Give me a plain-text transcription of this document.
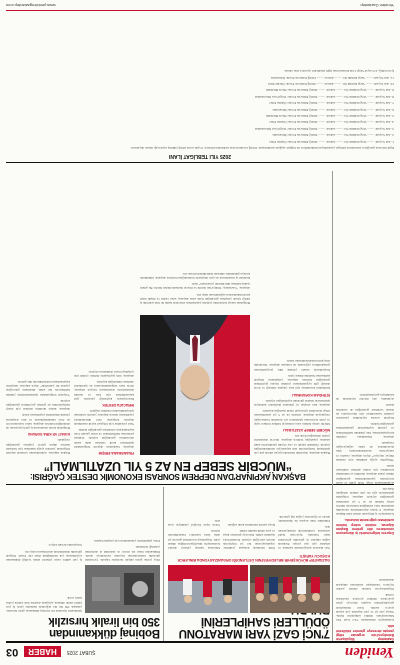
Yeniden
ŞUBAT 2025
HABER
03
7'NCİ GAZİ YARI MARATONU
ÖDÜLLERİ SAHİPLERİNİ
Bobinaj dükkanından
350 bin liralık hırsızlık

Gaziantep Büyükşehir Belediyesi'nin organize ettiği yarışta dereceye girenler ödüllerini aldı.

Gaziantep'te düzenlenen 7'nci Gazi Yarı Maratonu'nda ödüller sahiplerini buldu. Yarışa yurt içi ve yurt dışından çok sayıda sporcu katıldı. Kent merkezinde gerçekleştirilen koşuda dereceye giren sporculara ödülleri protokol tarafından verildi.

Organizasyona katılan atletler parkur boyunca vatandaşlar tarafından alkışlarla desteklendi.

GAZİANTEP BÜYÜKŞEHİR BELEDİYESİ'NİN ÜSTLENDİĞİ ORGANİZASYONDA BİNLERCE KOŞUCU YARIŞTI

Yarı maraton kategorisinde kadınlar ve erkekler ayrı ayrı yarıştı. Parkurda sağlık ekipleri ve güvenlik görevlileri hazır bulundu. Sporcular hedef noktasına vardıklarında madalyalarını aldı.

Etkinlikte halk koşusu da düzenlendi; aileler ve öğrenciler yoğun ilgi gösterdi.

Ödül töreninde konuşan yetkililer, organizasyonun her yıl büyüyerek devam edeceğini söyledi. Katılımcılara teşekkür edildi. Dereceye girenlere kupa ve para ödülü takdim edildi.

Koşu, kentin tanıtımına katkı sağladı.

Maratona katılan yabancı atletler Gaziantep'in misafirperverliğine dikkat çekti. Organizasyon komitesi gelecek yıl daha fazla katılımcı beklediklerini belirtti.

Tören toplu fotoğraf çekimiyle sona erdi.

Şehitkamil ilçesinde bir bobinaj dükkanına giren hırsızlar, yaklaşık 350 bin lira değerinde malzeme çaldı. İş yeri sahibi sabah dükkanı açtığında durumu fark ederek polise haber verdi.

Olay yerine gelen ekipler inceleme başlattı. Çevredeki güvenlik kameralarının kayıtları incelemeye alındı. Dükkandan bakır tel, motor ve elektrikli el aletlerinin çalındığı belirlendi.

Polis, şüphelilerin yakalanması için çalışma başlattı.

İş yeri sahibi, uzun yıllardır emek verdiği dükkanının soyulmasına çok üzüldüğünü ifade etti. Esnaf, bölgede güvenlik önlemlerinin artırılmasını talep etti.

Soruşturma devam ediyor.

Deprem bölgesindeki iş dünyasının sorunlarını dile getiren Başkan Akpınar, mücbir sebep halinin uzatılması çağrısında bulundu.

Gaziantep'te iş dünyasını temsil eden Başkan Akpınar, 6 Şubat depremlerinin ekonomik etkilerinin hala sürdüğünü belirterek mücbir sebep halinin en az 5 yıl uzatılması gerektiğini söyledi. Akpınar, bölgedeki işletmelerin ağır bir yük altında olduğunu ifade etti.

Açıklamasında vergi, SGK primi ve kredi borçlarının yapılandırılması gerektiğine dikkat çeken Akpınar, üretimin ve istihdamın korunması için somut adımlar atılmasını istedi.

“Bölgemiz ayağa kalkmak için zamana ihtiyaç duyuyor” diyen Akpınar, esnafın ve sanayicinin desteklenmesinin ülke ekonomisine de katkı sağlayacağını vurguladı.

Akpınar, finansmana erişimin kolaylaştırılması, faiz yükünün hafifletilmesi ve yatırım teşviklerinin genişletilmesi gerektiğini belirtti.

Deprem sonrası kaybedilen pazarların yeniden kazanılması için ihracatçılara ek destek verilmesi gerektiğini de sözlerine ekledi.

Açıklama, oda meclisi üyelerinin de katılımıyla gerçekleştirildi.

BAŞKAN AKPINAR'DAN DEPREM SONRASI EKONOMİK DESTEK ÇAĞRISI:
“MÜCBİR SEBEP EN AZ 5 YIL UZATILMALI”

Başkan Akpınar, depremin üzerinden geçen sürede pek çok işletmenin faaliyetlerini tam kapasiteyle sürdüremediğini söyledi. Özellikle küçük ve orta ölçekli işletmelerin nakit sıkıntısı yaşadığını belirten Akpınar, mevcut desteklerin yeterli olmadığını ifade etti.

MÜCBİR SEBEP UZATILMALI

Mücbir sebep halinin sona ermesiyle birlikte biriken vergi ve prim borçlarının işletmeleri zor durumda bırakacağını vurgulayan Akpınar, sürenin en az 5 yıl uzatılmasının bölge ekonomisi için hayati önem taşıdığını kaydetti.

Akpınar, kira artışları ve yükselen maliyetler nedeniyle işletmelerin rekabet gücünün zayıfladığını söyledi.

İSTİHDAM KORUNMALI

İstihdamın korunması için kısa çalışma ödeneği ve ücret desteği gibi uygulamaların yeniden hayata geçirilmesi gerektiğini belirten Akpınar, çalışanların bölgede kalmasının önemine dikkat çekti.

Depremzede esnafa yönelik hibe programlarının genişletilmesi çağrısında da bulunan Akpınar, bürokratik süreçlerin hızlandırılmasını istedi.

Bölgedeki sanayi tesislerinin yeniden yapılanması sürecinde kamu ile özel sektörün iş birliği içinde çalışması gerektiğini ifade eden Akpınar, uzun vadeli ve düşük faizli kredi imkanlarının sağlanmasını talep etti.

Akpınar, “Gaziantep, Türkiye'nin üretim ve ihracat merkezlerinden biridir. Bu şehrin ayakta kalması tüm ülkenin yararınadır” dedi.

Kentteki iş insanlarının da aynı taleplerde bulunduğunu belirten Akpınar, hükümetin konuyu gündemine almasını beklediklerini ifade etti.

FİNANSMANA ERİŞİM

Akpınar, bankaların deprem bölgesindeki işletmelere kredi verirken daha esnek davranması gerektiğini söyledi. Teminat şartlarının hafifletilmesi ve kredi garanti fonu kaynaklarının artırılması gerektiğini belirtti.

Yeni yatırımlar için bölgesel teşvik sisteminde deprem bölgesine özel düzenlemeler yapılmasını öneren Akpınar, yatırım ortamının iyileştirilmesinin önemine değindi.

İHRACATA DESTEK

İhracatçıların kaybettiği pazarları geri kazanabilmesi için fuar ve tanıtım desteklerinin artırılmasını isteyen Akpınar, döviz kuru dalgalanmalarının da işletmeleri olumsuz etkilediğini kaydetti.

Akpınar, tüm paydaşlarla birlikte çözüm için çalışmaya hazır olduklarını söyledi.

Başkan Akpınar, açıklamasının sonunda deprem bölgesinin yeniden ayağa kalkması için herkesin üzerine düşen görevi yapması gerektiğini vurguladı.

KONUT VE KİRA SORUNU

Bölgedeki konut sıkıntısının iş gücü piyasasını da etkilediğini belirten Akpınar, kalıcı konutların bir an önce tamamlanmasını ve kira artışlarına yönelik düzenleme yapılmasını istedi.

Akpınar, kentte üretimin sürmesi için enerji maliyetlerinin de gözden geçirilmesi gerektiğini söyledi.

“Deprem bölgesindeki işletmelerimizin yükünü hafifletecek her adım, ülkemizin geleceğine yapılan bir yatırımdır” diyen Akpınar, taleplerin karşılanmasını beklediklerini dile getirdi.

2025 YILI TEBLİGAT İLANI

İlgili mevzuat gereğince adreslerine tebligat yapılamayan mükelleflere ait bilgiler aşağıda sunulmuştur. Tebliğ evrakının ilan tarihinden itibaren 15 gün sonra tebliğ edilmiş sayılacağı ilanen duyurulur.

1- Adı Soyadı: ........ Vergi Kimlik No: ........ Adresi: ........ Tebliğ Edilecek Evrak: Ödeme Emri

2- Adı Soyadı: ........ Vergi Kimlik No: ........ Adresi: ........ Tebliğ Edilecek Evrak: İhbarname

3- Adı Soyadı: ........ Vergi Kimlik No: ........ Adresi: ........ Tebliğ Edilecek Evrak: Vergi/Ceza İhbarnamesi

4- Adı Soyadı: ........ Vergi Kimlik No: ........ Adresi: ........ Tebliğ Edilecek Evrak: Ödeme Emri

5- Adı Soyadı: ........ Vergi Kimlik No: ........ Adresi: ........ Tebliğ Edilecek Evrak: Haciz Bildirimi

6- Adı Soyadı: ........ Vergi Kimlik No: ........ Adresi: ........ Tebliğ Edilecek Evrak: İhbarname

7- Adı Soyadı: ........ Vergi Kimlik No: ........ Adresi: ........ Tebliğ Edilecek Evrak: Ödeme Emri

8- Adı Soyadı: ........ Vergi Kimlik No: ........ Adresi: ........ Tebliğ Edilecek Evrak: Vergi/Ceza İhbarnamesi

9- Adı Soyadı: ........ Vergi Kimlik No: ........ Adresi: ........ Tebliğ Edilecek Evrak: Haciz Bildirimi

10- Adı Soyadı: ........ Vergi Kimlik No: ........ Adresi: ........ Tebliğ Edilecek Evrak: Ödeme Emri

11- Adı Soyadı: ........ Vergi Kimlik No: ........ Adresi: ........ Tebliğ Edilecek Evrak: İhbarname

İş bu tebliğ, 213 sayılı Vergi Usul Kanunu'nun ilgili maddeleri uyarınca ilan olunur.

Yeniden Gaziantep
www.yenidengaziantep.com
